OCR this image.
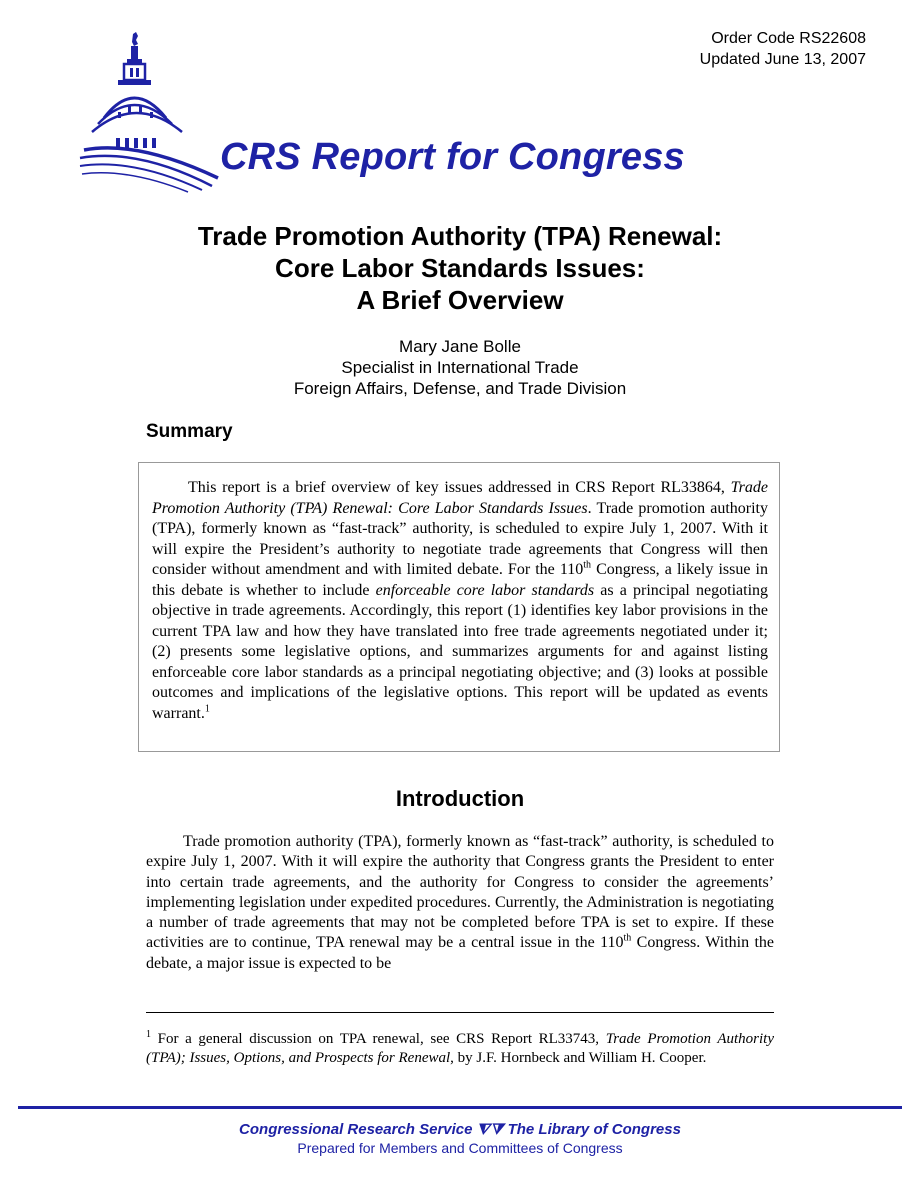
Order Code RS22608
Updated June 13, 2007
CRS Report for Congress
Trade Promotion Authority (TPA) Renewal:
Core Labor Standards Issues:
A Brief Overview
Mary Jane Bolle
Specialist in International Trade
Foreign Affairs, Defense, and Trade Division
Summary

This report is a brief overview of key issues addressed in CRS Report RL33864, Trade Promotion Authority (TPA) Renewal: Core Labor Standards Issues. Trade promotion authority (TPA), formerly known as “fast-track” authority, is scheduled to expire July 1, 2007. With it will expire the President’s authority to negotiate trade agreements that Congress will then consider without amendment and with limited debate. For the 110th Congress, a likely issue in this debate is whether to include enforceable core labor standards as a principal negotiating objective in trade agreements. Accordingly, this report (1) identifies key labor provisions in the current TPA law and how they have translated into free trade agreements negotiated under it; (2) presents some legislative options, and summarizes arguments for and against listing enforceable core labor standards as a principal negotiating objective; and (3) looks at possible outcomes and implications of the legislative options. This report will be updated as events warrant.$^1$

Introduction

Trade promotion authority (TPA), formerly known as “fast-track” authority, is scheduled to expire July 1, 2007. With it will expire the authority that Congress grants the President to enter into certain trade agreements, and the authority for Congress to consider the agreements’ implementing legislation under expedited procedures. Currently, the Administration is negotiating a number of trade agreements that may not be completed before TPA is set to expire. If these activities are to continue, TPA renewal may be a central issue in the 110th Congress. Within the debate, a major issue is expected to be

$^1$ For a general discussion on TPA renewal, see CRS Report RL33743, Trade Promotion Authority (TPA); Issues, Options, and Prospects for Renewal, by J.F. Hornbeck and William H. Cooper.

Congressional Research Service ⧨⧩ The Library of Congress
Prepared for Members and Committees of Congress
